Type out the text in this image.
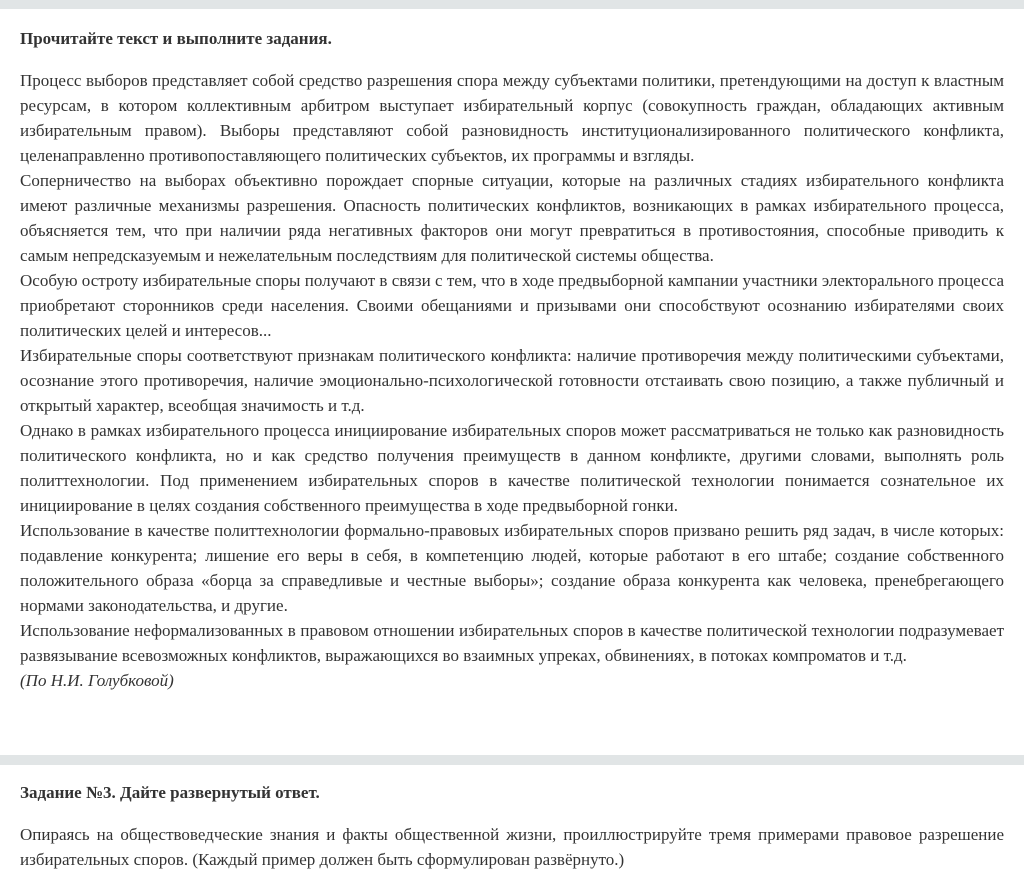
Прочитайте текст и выполните задания.

Процесс выборов представляет собой средство разрешения спора между субъектами политики, претендующими на доступ к властным ресурсам, в котором коллективным арбитром выступает избирательный корпус (совокупность граждан, обладающих активным избирательным правом). Выборы представляют собой разновидность институционализированного политического конфликта, целенаправленно противопоставляющего политических субъектов, их программы и взгляды.

Соперничество на выборах объективно порождает спорные ситуации, которые на различных стадиях избирательного конфликта имеют различные механизмы разрешения. Опасность политических конфликтов, возникающих в рамках избирательного процесса, объясняется тем, что при наличии ряда негативных факторов они могут превратиться в противостояния, способные приводить к самым непредсказуемым и нежелательным последствиям для политической системы общества.

Особую остроту избирательные споры получают в связи с тем, что в ходе предвыборной кампании участники электорального процесса приобретают сторонников среди населения. Своими обещаниями и призывами они способствуют осознанию избирателями своих политических целей и интересов...

Избирательные споры соответствуют признакам политического конфликта: наличие противоречия между политическими субъектами, осознание этого противоречия, наличие эмоционально-психологической готовности отстаивать свою позицию, а также публичный и открытый характер, всеобщая значимость и т.д.

Однако в рамках избирательного процесса инициирование избирательных споров может рассматриваться не только как разновидность политического конфликта, но и как средство получения преимуществ в данном конфликте, другими словами, выполнять роль политтехнологии. Под применением избирательных споров в качестве политической технологии понимается сознательное их инициирование в целях создания собственного преимущества в ходе предвыборной гонки.

Использование в качестве политтехнологии формально-правовых избирательных споров призвано решить ряд задач, в числе которых: подавление конкурента; лишение его веры в себя, в компетенцию людей, которые работают в его штабе; создание собственного положительного образа «борца за справедливые и честные выборы»; создание образа конкурента как человека, пренебрегающего нормами законодательства, и другие.

Использование неформализованных в правовом отношении избирательных споров в качестве политической технологии подразумевает развязывание всевозможных конфликтов, выражающихся во взаимных упреках, обвинениях, в потоках компроматов и т.д.

(По Н.И. Голубковой)

Задание №3. Дайте развернутый ответ.

Опираясь на обществоведческие знания и факты общественной жизни, проиллюстрируйте тремя примерами правовое разрешение избирательных споров. (Каждый пример должен быть сформулирован развёрнуто.)
